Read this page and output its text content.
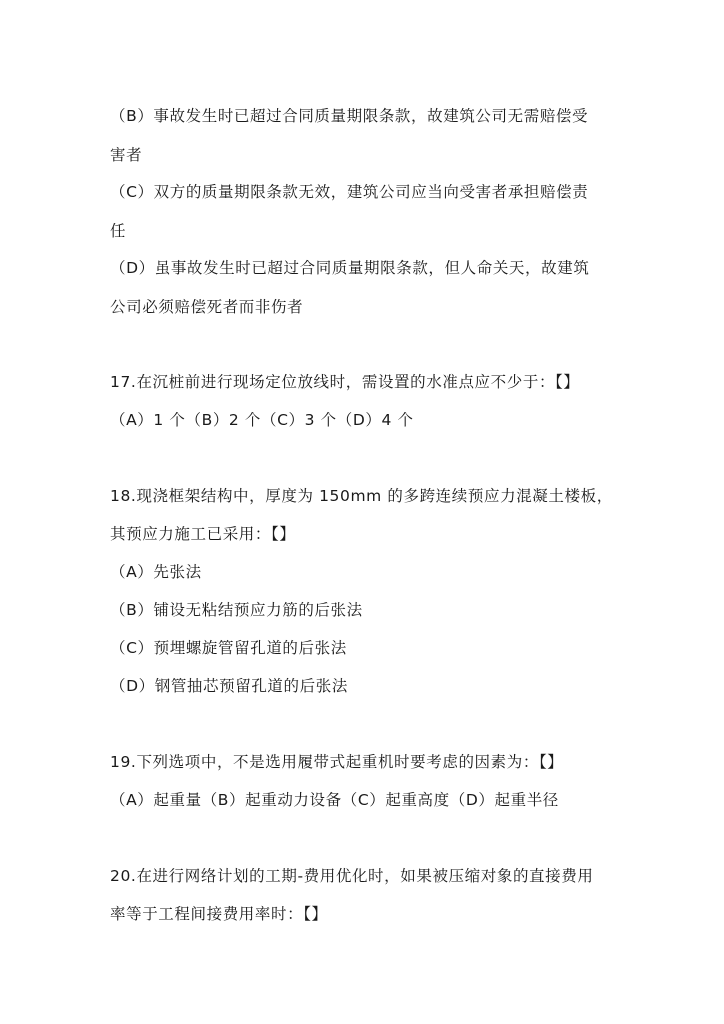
（B）事故发生时已超过合同质量期限条款，故建筑公司无需赔偿受
害者
（C）双方的质量期限条款无效，建筑公司应当向受害者承担赔偿责
任
（D）虽事故发生时已超过合同质量期限条款，但人命关天，故建筑
公司必须赔偿死者而非伤者
17.在沉桩前进行现场定位放线时，需设置的水准点应不少于：【】
（A）1 个（B）2 个（C）3 个（D）4 个
18.现浇框架结构中，厚度为 150mm 的多跨连续预应力混凝土楼板，
其预应力施工已采用：【】
（A）先张法
（B）铺设无粘结预应力筋的后张法
（C）预埋螺旋管留孔道的后张法
（D）钢管抽芯预留孔道的后张法
19.下列选项中，不是选用履带式起重机时要考虑的因素为：【】
（A）起重量（B）起重动力设备（C）起重高度（D）起重半径
20.在进行网络计划的工期-费用优化时，如果被压缩对象的直接费用
率等于工程间接费用率时：【】
